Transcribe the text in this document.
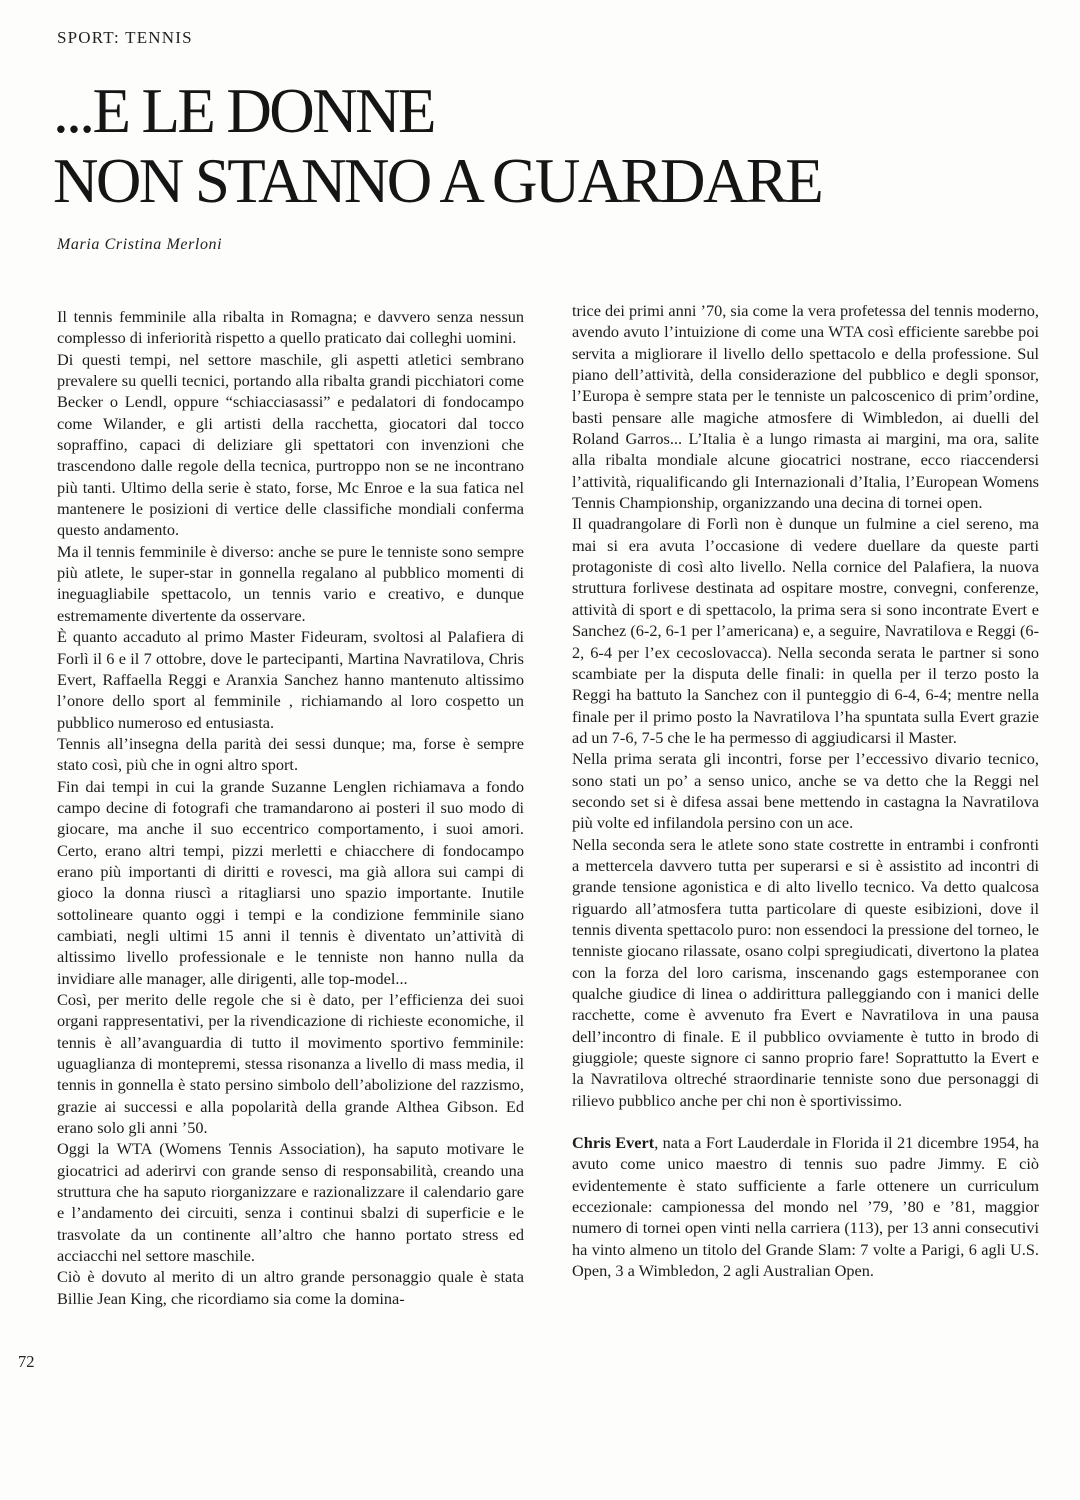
SPORT: TENNIS
...E LE DONNE
NON STANNO A GUARDARE
Maria Cristina Merloni

Il tennis femminile alla ribalta in Romagna; e davvero senza nessun complesso di inferiorità rispetto a quello praticato dai colleghi uomini.

Di questi tempi, nel settore maschile, gli aspetti atletici sembrano prevalere su quelli tecnici, portando alla ribalta grandi picchiatori come Becker o Lendl, oppure “schiacciasassi” e pedalatori di fondocampo come Wilander, e gli artisti della racchetta, giocatori dal tocco sopraffino, capaci di deliziare gli spettatori con invenzioni che trascendono dalle regole della tecnica, purtroppo non se ne incontrano più tanti. Ultimo della serie è stato, forse, Mc Enroe e la sua fatica nel mantenere le posizioni di vertice delle classifiche mondiali conferma questo andamento.

Ma il tennis femminile è diverso: anche se pure le tenniste sono sempre più atlete, le super-star in gonnella regalano al pubblico momenti di ineguagliabile spettacolo, un tennis vario e creativo, e dunque estremamente divertente da osservare.

È quanto accaduto al primo Master Fideuram, svoltosi al Palafiera di Forlì il 6 e il 7 ottobre, dove le partecipanti, Martina Navratilova, Chris Evert, Raffaella Reggi e Aranxia Sanchez hanno mantenuto altissimo l’onore dello sport al femminile , richiamando al loro cospetto un pubblico numeroso ed entusiasta.

Tennis all’insegna della parità dei sessi dunque; ma, forse è sempre stato così, più che in ogni altro sport.

Fin dai tempi in cui la grande Suzanne Lenglen richiamava a fondo campo decine di fotografi che tramandarono ai posteri il suo modo di giocare, ma anche il suo eccentrico comportamento, i suoi amori. Certo, erano altri tempi, pizzi merletti e chiacchere di fondocampo erano più importanti di diritti e rovesci, ma già allora sui campi di gioco la donna riuscì a ritagliarsi uno spazio importante. Inutile sottolineare quanto oggi i tempi e la condizione femminile siano cambiati, negli ultimi 15 anni il tennis è diventato un’attività di altissimo livello professionale e le tenniste non hanno nulla da invidiare alle manager, alle dirigenti, alle top-model...

Così, per merito delle regole che si è dato, per l’efficienza dei suoi organi rappresentativi, per la rivendicazione di richieste economiche, il tennis è all’avanguardia di tutto il movimento sportivo femminile: uguaglianza di montepremi, stessa risonanza a livello di mass media, il tennis in gonnella è stato persino simbolo dell’abolizione del razzismo, grazie ai successi e alla popolarità della grande Althea Gibson. Ed erano solo gli anni ’50.

Oggi la WTA (Womens Tennis Association), ha saputo motivare le giocatrici ad aderirvi con grande senso di responsabilità, creando una struttura che ha saputo riorganizzare e razionalizzare il calendario gare e l’andamento dei circuiti, senza i continui sbalzi di superficie e le trasvolate da un continente all’altro che hanno portato stress ed acciacchi nel settore maschile.

Ciò è dovuto al merito di un altro grande personaggio quale è stata Billie Jean King, che ricordiamo sia come la domina-

trice dei primi anni ’70, sia come la vera profetessa del tennis moderno, avendo avuto l’intuizione di come una WTA così efficiente sarebbe poi servita a migliorare il livello dello spettacolo e della professione. Sul piano dell’attività, della considerazione del pubblico e degli sponsor, l’Europa è sempre stata per le tenniste un palcoscenico di prim’ordine, basti pensare alle magiche atmosfere di Wimbledon, ai duelli del Roland Garros... L’Italia è a lungo rimasta ai margini, ma ora, salite alla ribalta mondiale alcune giocatrici nostrane, ecco riaccendersi l’attività, riqualificando gli Internazionali d’Italia, l’European Womens Tennis Championship, organizzando una decina di tornei open.

Il quadrangolare di Forlì non è dunque un fulmine a ciel sereno, ma mai si era avuta l’occasione di vedere duellare da queste parti protagoniste di così alto livello. Nella cornice del Palafiera, la nuova struttura forlivese destinata ad ospitare mostre, convegni, conferenze, attività di sport e di spettacolo, la prima sera si sono incontrate Evert e Sanchez (6-2, 6-1 per l’americana) e, a seguire, Navratilova e Reggi (6-2, 6-4 per l’ex cecoslovacca). Nella seconda serata le partner si sono scambiate per la disputa delle finali: in quella per il terzo posto la Reggi ha battuto la Sanchez con il punteggio di 6-4, 6-4; mentre nella finale per il primo posto la Navratilova l’ha spuntata sulla Evert grazie ad un 7-6, 7-5 che le ha permesso di aggiudicarsi il Master.

Nella prima serata gli incontri, forse per l’eccessivo divario tecnico, sono stati un po’ a senso unico, anche se va detto che la Reggi nel secondo set si è difesa assai bene mettendo in castagna la Navratilova più volte ed infilandola persino con un ace.

Nella seconda sera le atlete sono state costrette in entrambi i confronti a mettercela davvero tutta per superarsi e si è assistito ad incontri di grande tensione agonistica e di alto livello tecnico. Va detto qualcosa riguardo all’atmosfera tutta particolare di queste esibizioni, dove il tennis diventa spettacolo puro: non essendoci la pressione del torneo, le tenniste giocano rilassate, osano colpi spregiudicati, divertono la platea con la forza del loro carisma, inscenando gags estemporanee con qualche giudice di linea o addirittura palleggiando con i manici delle racchette, come è avvenuto fra Evert e Navratilova in una pausa dell’incontro di finale. E il pubblico ovviamente è tutto in brodo di giuggiole; queste signore ci sanno proprio fare! Soprattutto la Evert e la Navratilova oltreché straordinarie tenniste sono due personaggi di rilievo pubblico anche per chi non è sportivissimo.

Chris Evert, nata a Fort Lauderdale in Florida il 21 dicembre 1954, ha avuto come unico maestro di tennis suo padre Jimmy. E ciò evidentemente è stato sufficiente a farle ottenere un curriculum eccezionale: campionessa del mondo nel ’79, ’80 e ’81, maggior numero di tornei open vinti nella carriera (113), per 13 anni consecutivi ha vinto almeno un titolo del Grande Slam: 7 volte a Parigi, 6 agli U.S. Open, 3 a Wimbledon, 2 agli Australian Open.

72
